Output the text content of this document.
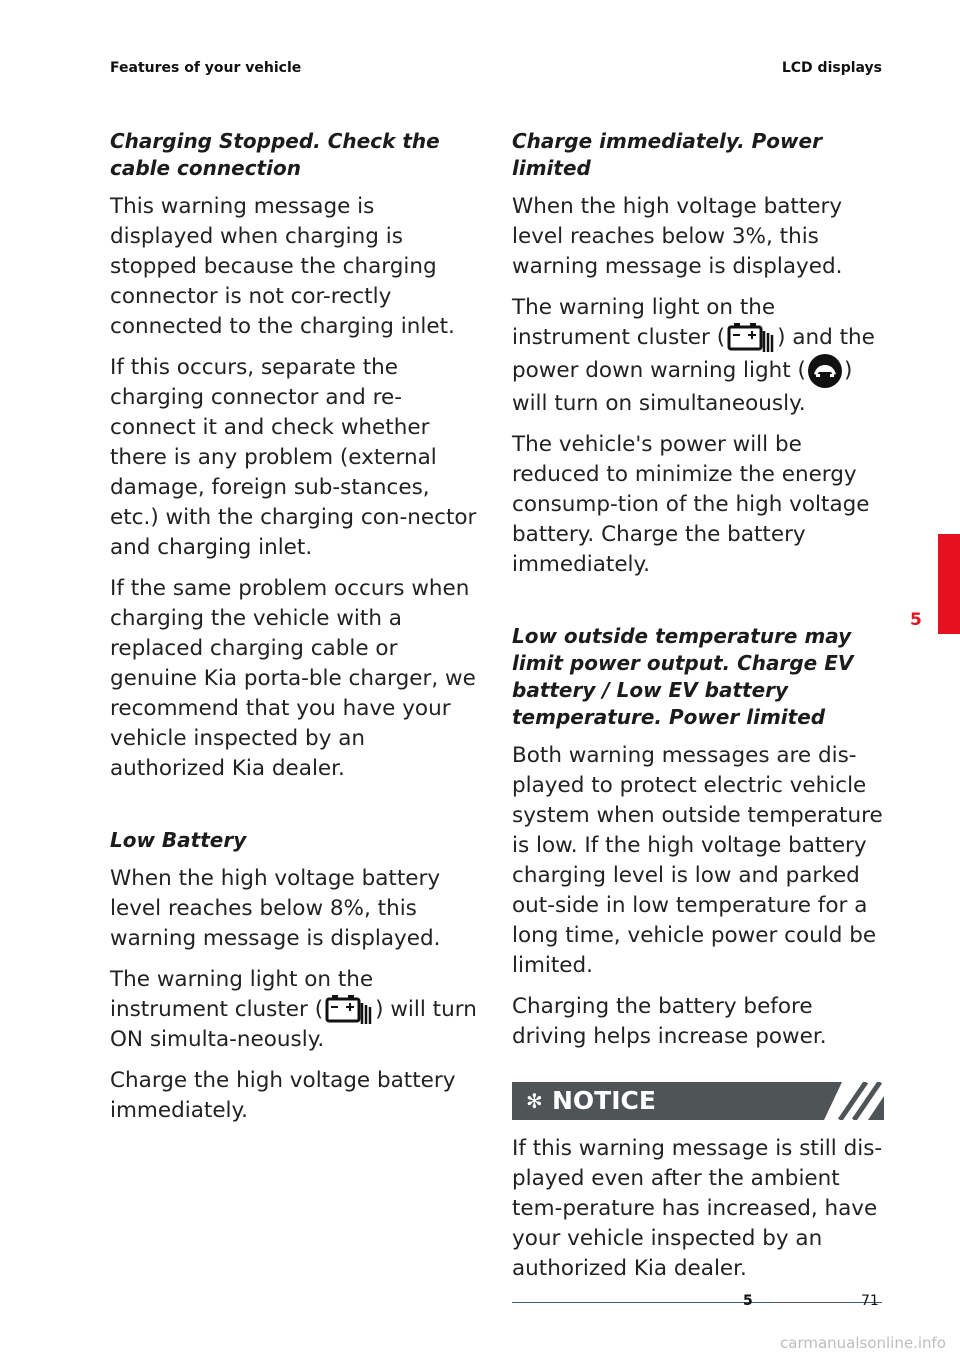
Features of your vehicle	LCD displays
Charging Stopped. Check the cable connection

This warning message is displayed when charging is stopped because the charging connector is not cor-rectly connected to the charging inlet.

If this occurs, separate the charging connector and re-connect it and check whether there is any problem (external damage, foreign sub-stances, etc.) with the charging con-nector and charging inlet.

If the same problem occurs when charging the vehicle with a replaced charging cable or genuine Kia porta-ble charger, we recommend that you have your vehicle inspected by an authorized Kia dealer.

Low Battery

When the high voltage battery level reaches below 8%, this warning message is displayed.

The warning light on the instrument cluster ( ) will turn ON simulta-neously.

Charge the high voltage battery immediately.

Charge immediately. Power limited

When the high voltage battery level reaches below 3%, this warning message is displayed.

The warning light on the instrument cluster ( ) and the power down warning light ( ) will turn on simultaneously.

The vehicle's power will be reduced to minimize the energy consump-tion of the high voltage battery. Charge the battery immediately.

Low outside temperature may limit power output. Charge EV battery / Low EV battery temperature. Power limited

Both warning messages are dis-played to protect electric vehicle system when outside temperature is low. If the high voltage battery charging level is low and parked out-side in low temperature for a long time, vehicle power could be limited.

Charging the battery before driving helps increase power.

✻ NOTICE

If this warning message is still dis-played even after the ambient tem-perature has increased, have your vehicle inspected by an authorized Kia dealer.

5
5	71
carmanualsonline.info
